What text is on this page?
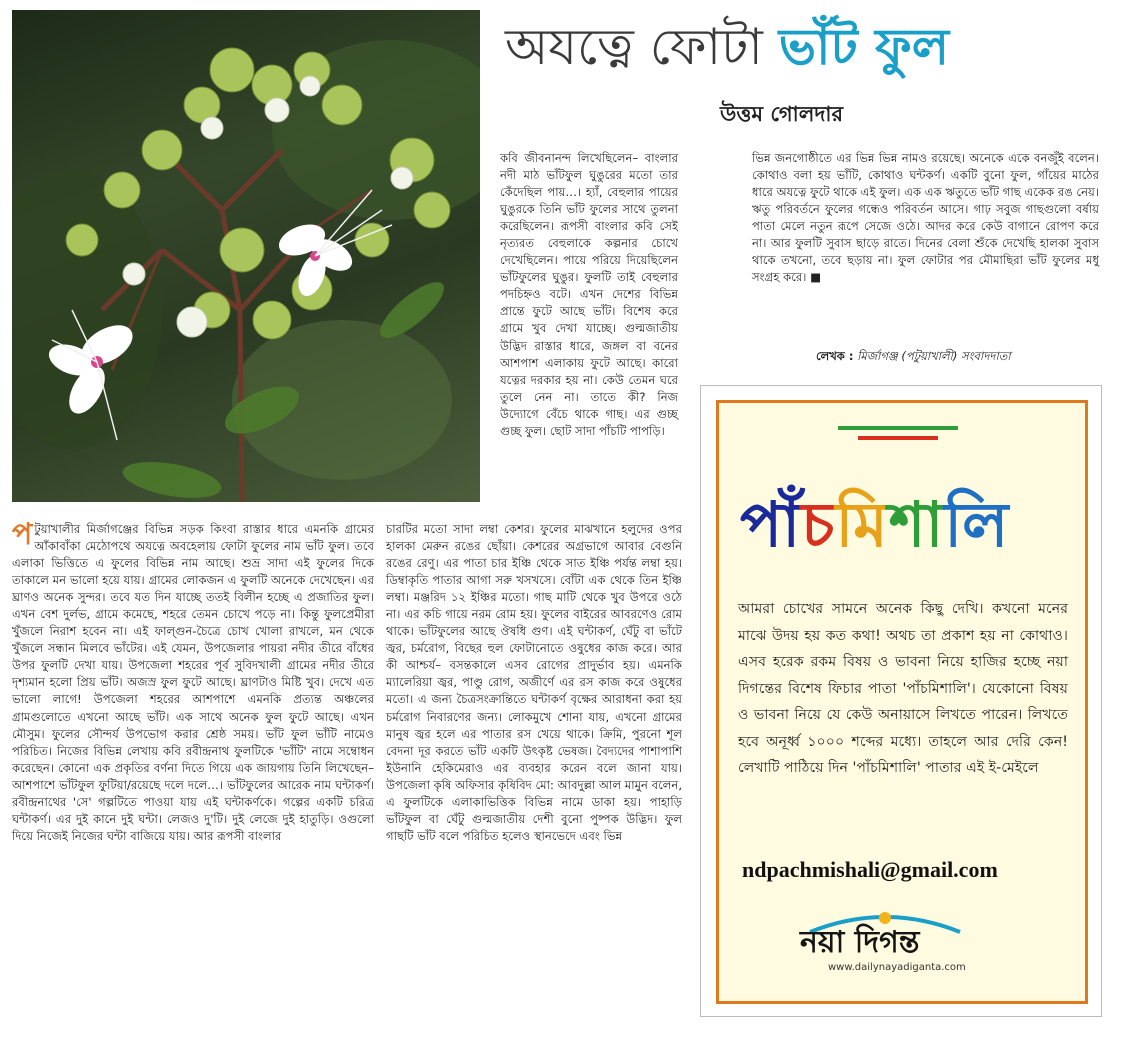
অযত্নে ফোটা ভাঁট ফুল
উত্তম গোলদার
কবি জীবনানন্দ লিখেছিলেন– বাংলার নদী মাঠ ভাঁটফুল ঘুঙুরের মতো তার কেঁদেছিল পায়…। হ্যাঁ, বেহুলার পায়ের ঘুঙুরকে তিনি ভাঁট ফুলের সাথে তুলনা করেছিলেন। রূপসী বাংলার কবি সেই নৃত্যরত বেহুলাকে কল্পনার চোখে দেখেছিলেন। পায়ে পরিয়ে দিয়েছিলেন ভাঁটফুলের ঘুঙুর। ফুলটি তাই বেহুলার পদচিহ্নও বটে। এখন দেশের বিভিন্ন প্রান্তে ফুটে আছে ভাঁট। বিশেষ করে গ্রামে খুব দেখা যাচ্ছে। গুল্মজাতীয় উদ্ভিদ রাস্তার ধারে, জঙ্গল বা বনের আশপাশ এলাকায় ফুটে আছে। কারো যত্নের দরকার হয় না। কেউ তেমন ঘরে তুলে নেন না। তাতে কী? নিজ উদ্যোগে বেঁচে থাকে গাছ। এর গুচ্ছ গুচ্ছ ফুল। ছোট সাদা পাঁচটি পাপড়ি।
ভিন্ন জনগোষ্ঠীতে এর ভিন্ন ভিন্ন নামও রয়েছে। অনেকে একে বনজুঁই বলেন। কোথাও বলা হয় ভাঁটি, কোথাও ঘন্টকর্ণ। একটি বুনো ফুল, গাঁয়ের মাঠের ধারে অযত্নে ফুটে থাকে এই ফুল। এক এক ঋতুতে ভাঁট গাছ একেক রঙ নেয়। ঋতু পরিবর্তনে ফুলের গন্ধেও পরিবর্তন আসে। গাঢ় সবুজ গাছগুলো বর্ষায় পাতা মেলে নতুন রূপে সেজে ওঠে। আদর করে কেউ বাগানে রোপণ করে না। আর ফুলটি সুবাস ছাড়ে রাতে। দিনের বেলা শুঁকে দেখেছি হালকা সুবাস থাকে তখনো, তবে ছড়ায় না। ফুল ফোটার পর মৌমাছিরা ভাঁট ফুলের মধু সংগ্রহ করে। ■
লেখক : মির্জাগঞ্জ (পটুয়াখালী) সংবাদদাতা
পটুয়াখালীর মির্জাগঞ্জের বিভিন্ন সড়ক কিংবা রাস্তার ধারে এমনকি গ্রামের আঁকাবাঁকা মেঠোপথে অযত্নে অবহেলায় ফোটা ফুলের নাম ভাঁট ফুল। তবে এলাকা ভিত্তিতে এ ফুলের বিভিন্ন নাম আছে। শুভ্র সাদা এই ফুলের দিকে তাকালে মন ভালো হয়ে যায়। গ্রামের লোকজন এ ফুলটি অনেকে দেখেছেন। এর ঘ্রাণও অনেক সুন্দর। তবে যত দিন যাচ্ছে ততই বিলীন হচ্ছে এ প্রজাতির ফুল। এখন বেশ দুর্লভ, গ্রামে কমেছে, শহরে তেমন চোখে পড়ে না। কিন্তু ফুলপ্রেমীরা খুঁজলে নিরাশ হবেন না। এই ফাল্গুন-চৈত্রে চোখ খোলা রাখলে, মন থেকে খুঁজলে সন্ধান মিলবে ভাঁটের। এই যেমন, উপজেলার পায়রা নদীর তীরে বাঁধের উপর ফুলটি দেখা যায়। উপজেলা শহরের পূর্ব সুবিদখালী গ্রামের নদীর তীরে দৃশ্যমান হলো প্রিয় ভাঁট। অজস্র ফুল ফুটে আছে। ঘ্রাণটাও মিষ্টি খুব। দেখে এত ভালো লাগে! উপজেলা শহরের আশপাশে এমনকি প্রত্যন্ত অঞ্চলের গ্রামগুলোতে এখনো আছে ভাঁট। এক সাথে অনেক ফুল ফুটে আছে। এখন মৌসুম। ফুলের সৌন্দর্য উপভোগ করার শ্রেষ্ঠ সময়। ভাঁট ফুল ভাঁটি নামেও পরিচিত। নিজের বিভিন্ন লেখায় কবি রবীন্দ্রনাথ ফুলটিকে 'ভাঁটি' নামে সম্বোধন করেছেন। কোনো এক প্রকৃতির বর্ণনা দিতে গিয়ে এক জায়গায় তিনি লিখেছেন– আশপাশে ভাঁটফুল ফুটিয়া/রয়েছে দলে দলে…। ভাঁটফুলের আরেক নাম ঘন্টাকর্ণ। রবীন্দ্রনাথের 'সে' গল্পটিতে পাওয়া যায় এই ঘন্টাকর্ণকে। গল্পের একটি চরিত্র ঘন্টাকর্ণ। এর দুই কানে দুই ঘন্টা। লেজও দু'টি। দুই লেজে দুই হাতুড়ি। ওগুলো দিয়ে নিজেই নিজের ঘন্টা বাজিয়ে যায়। আর রূপসী বাংলার
চারটির মতো সাদা লম্বা কেশর। ফুলের মাঝখানে হলুদের ওপর হালকা মেরুন রঙের ছোঁয়া। কেশরের অগ্রভাগে আবার বেগুনি রঙের রেণু। এর পাতা চার ইঞ্চি থেকে সাত ইঞ্চি পর্যন্ত লম্বা হয়। ডিম্বাকৃতি পাতার আগা সরু খসখসে। বোঁটা এক থেকে তিন ইঞ্চি লম্বা। মঞ্জরিদ ১২ ইঞ্চির মতো। গাছ মাটি থেকে খুব উপরে ওঠে না। এর কচি গায়ে নরম রোম হয়। ফুলের বাইরের আবরণেও রোম থাকে। ভাঁটফুলের আছে ঔষধি গুণ। এই ঘন্টাকর্ণ, ঘেঁটু বা ভাঁটে জ্বর, চর্মরোগ, বিছের হুল ফোটানোতে ওষুধের কাজ করে। আর কী আশ্চর্য– বসন্তকালে এসব রোগের প্রাদুর্ভাব হয়। এমনকি ম্যালেরিয়া জ্বর, পাণ্ডু রোগ, অজীর্ণে এর রস কাজ করে ওষুধের মতো। এ জন্য চৈত্রসংক্রান্তিতে ঘন্টাকর্ণ বৃক্ষের আরাধনা করা হয় চর্মরোগ নিবারণের জন্য। লোকমুখে শোনা যায়, এখনো গ্রামের মানুষ জ্বর হলে এর পাতার রস খেয়ে থাকে। ক্রিমি, পুরনো শূল বেদনা দূর করতে ভাঁট একটি উৎকৃষ্ট ভেষজ। বৈদ্যদের পাশাপাশি ইউনানি হেকিমেরাও এর ব্যবহার করেন বলে জানা যায়। উপজেলা কৃষি অফিসার কৃষিবিদ মো: আবদুল্লা আল মামুন বলেন, এ ফুলটিকে এলাকাভিত্তিক বিভিন্ন নামে ডাকা হয়। পাহাড়ি ভাঁটফুল বা ঘেঁটু গুল্মজাতীয় দেশী বুনো পুষ্পক উদ্ভিদ। ফুল গাছটি ভাঁট বলে পরিচিত হলেও স্থানভেদে এবং ভিন্ন
পাঁচমিশালি
আমরা চোখের সামনে অনেক কিছু দেখি। কখনো মনের মাঝে উদয় হয় কত কথা! অথচ তা প্রকাশ হয় না কোথাও। এসব হরেক রকম বিষয় ও ভাবনা নিয়ে হাজির হচ্ছে নয়া দিগন্তের বিশেষ ফিচার পাতা 'পাঁচমিশালি'। যেকোনো বিষয় ও ভাবনা নিয়ে যে কেউ অনায়াসে লিখতে পারেন। লিখতে হবে অনূর্ধ্ব ১০০০ শব্দের মধ্যে। তাহলে আর দেরি কেন! লেখাটি পাঠিয়ে দিন 'পাঁচমিশালি' পাতার এই ই-মেইলে
ndpachmishali@gmail.com
নয়া দিগন্ত
www.dailynayadiganta.com
